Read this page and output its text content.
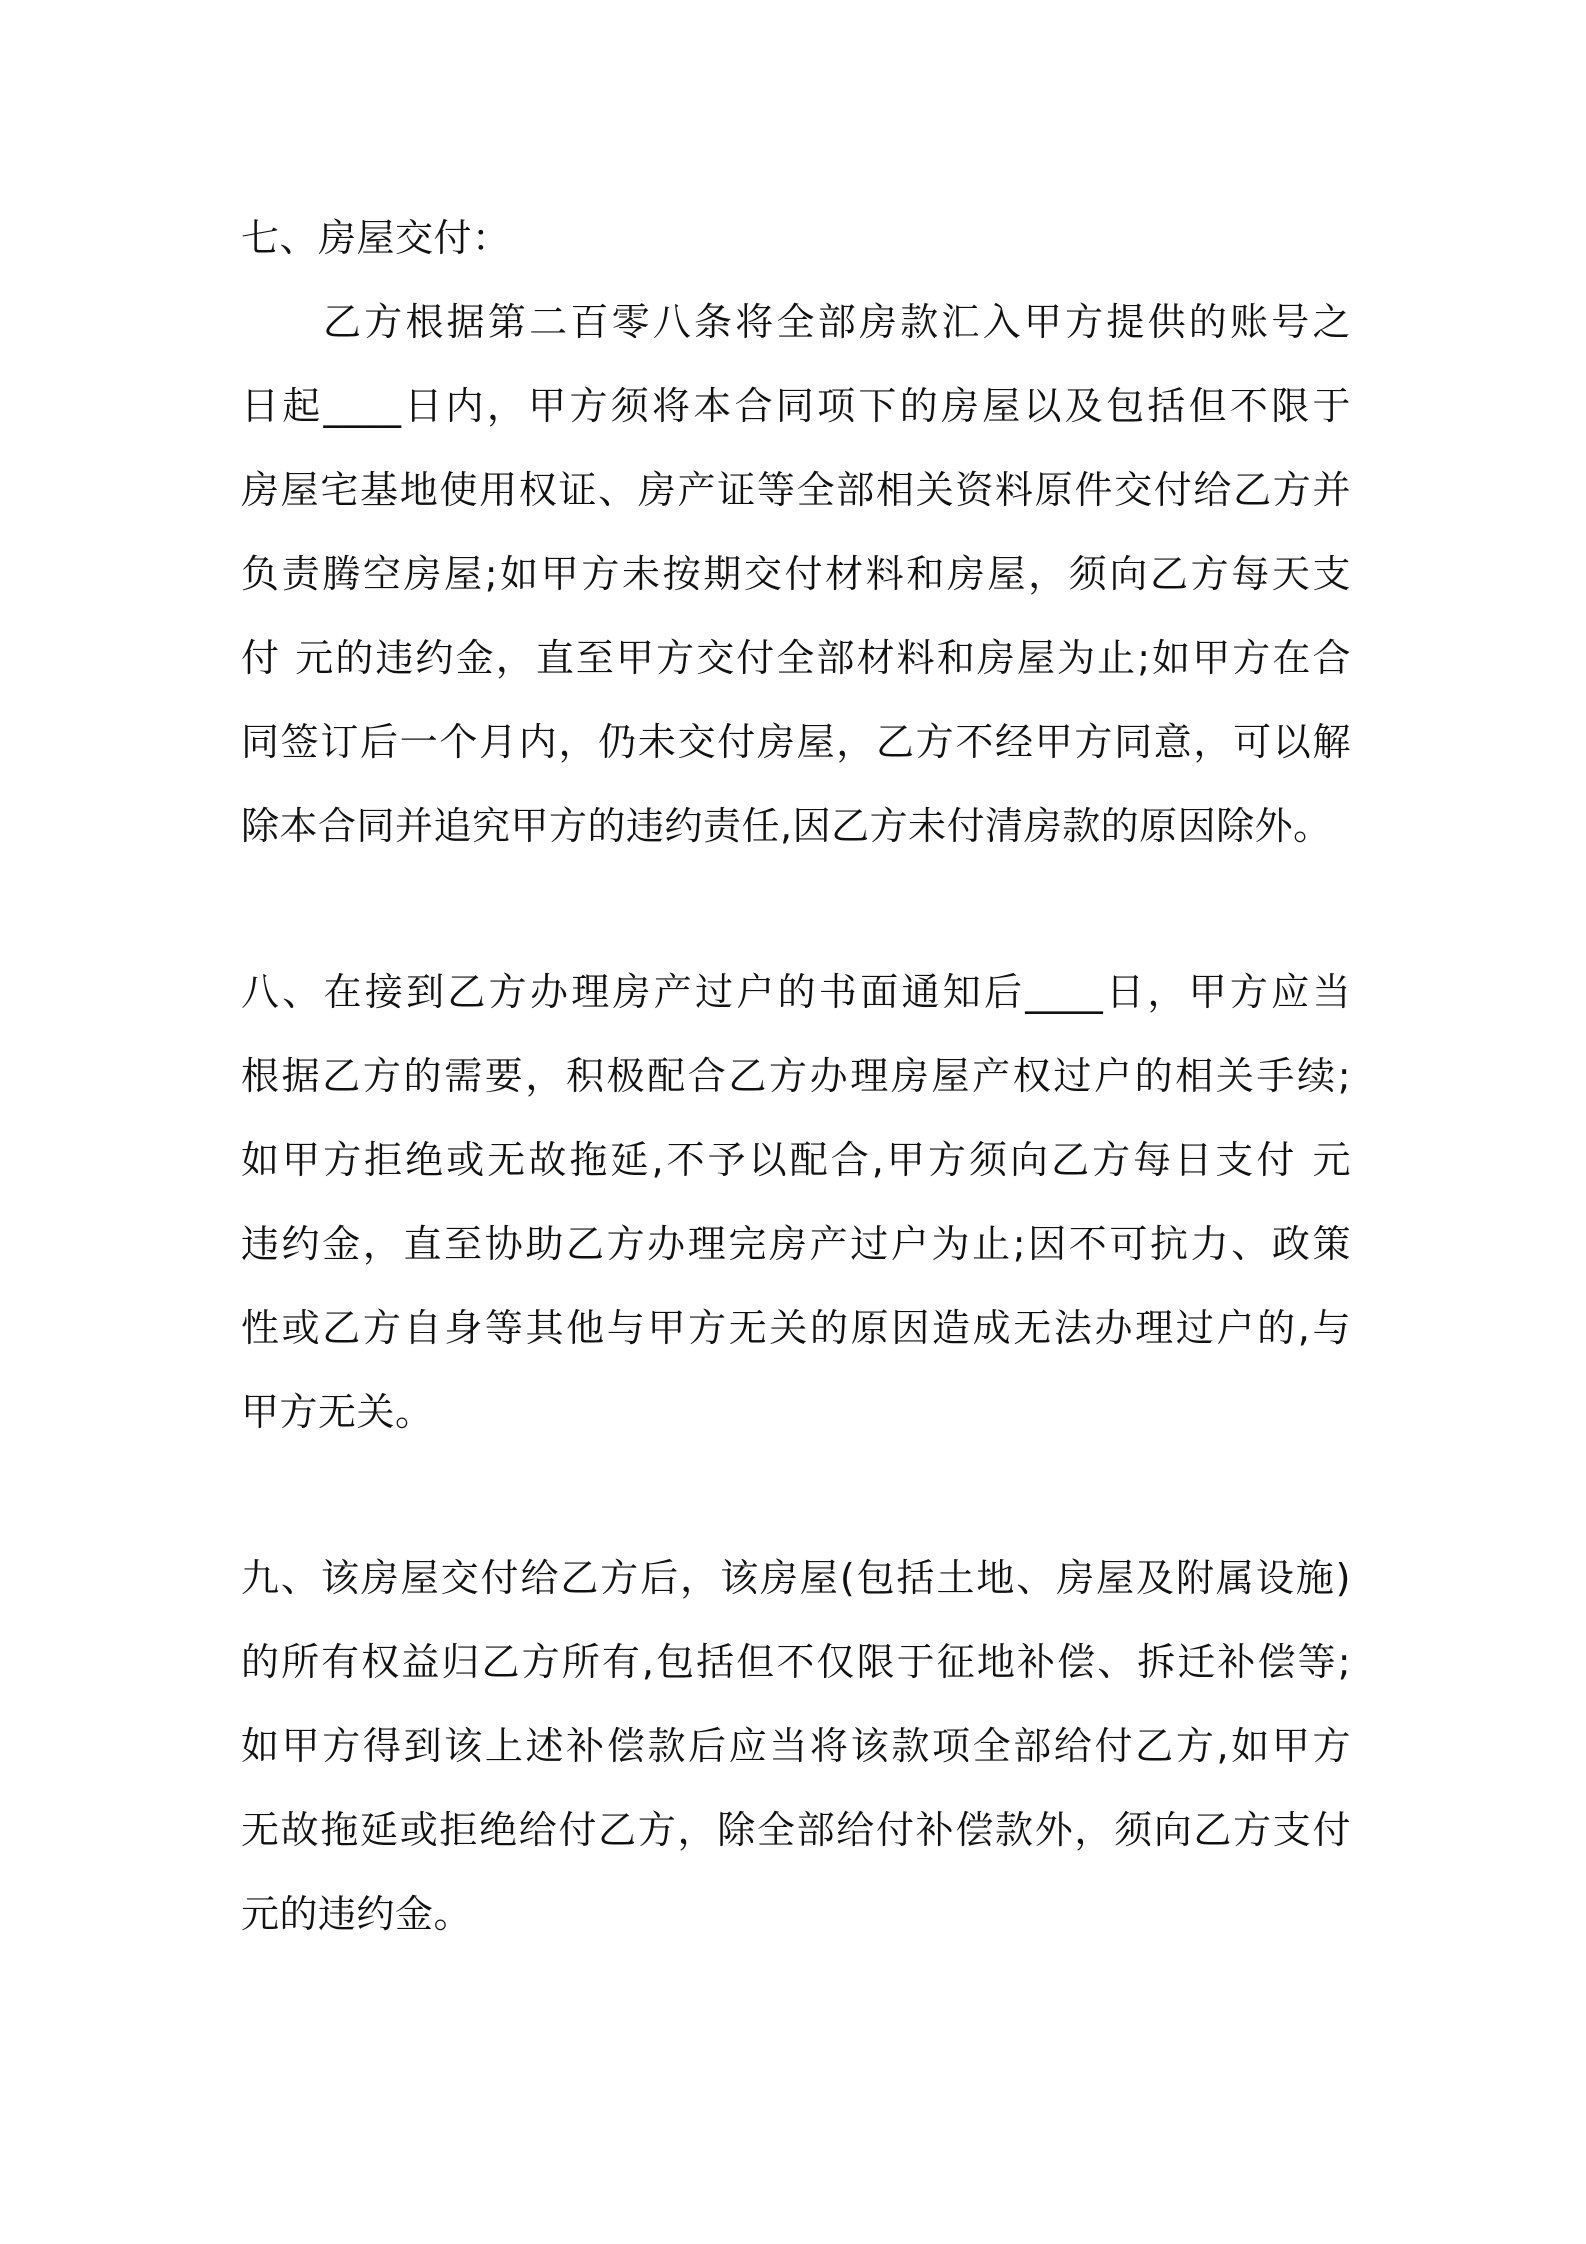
七、房屋交付：
乙方根据第二百零八条将全部房款汇入甲方提供的账号之
日起____日内，甲方须将本合同项下的房屋以及包括但不限于
房屋宅基地使用权证、房产证等全部相关资料原件交付给乙方并
负责腾空房屋;如甲方未按期交付材料和房屋，须向乙方每天支
付 元的违约金，直至甲方交付全部材料和房屋为止;如甲方在合
同签订后一个月内，仍未交付房屋，乙方不经甲方同意，可以解
除本合同并追究甲方的违约责任,因乙方未付清房款的原因除外。
八、在接到乙方办理房产过户的书面通知后____日，甲方应当
根据乙方的需要，积极配合乙方办理房屋产权过户的相关手续;
如甲方拒绝或无故拖延,不予以配合,甲方须向乙方每日支付 元
违约金，直至协助乙方办理完房产过户为止;因不可抗力、政策
性或乙方自身等其他与甲方无关的原因造成无法办理过户的,与
甲方无关。
九、该房屋交付给乙方后，该房屋(包括土地、房屋及附属设施)
的所有权益归乙方所有,包括但不仅限于征地补偿、拆迁补偿等;
如甲方得到该上述补偿款后应当将该款项全部给付乙方,如甲方
无故拖延或拒绝给付乙方，除全部给付补偿款外，须向乙方支付
元的违约金。
